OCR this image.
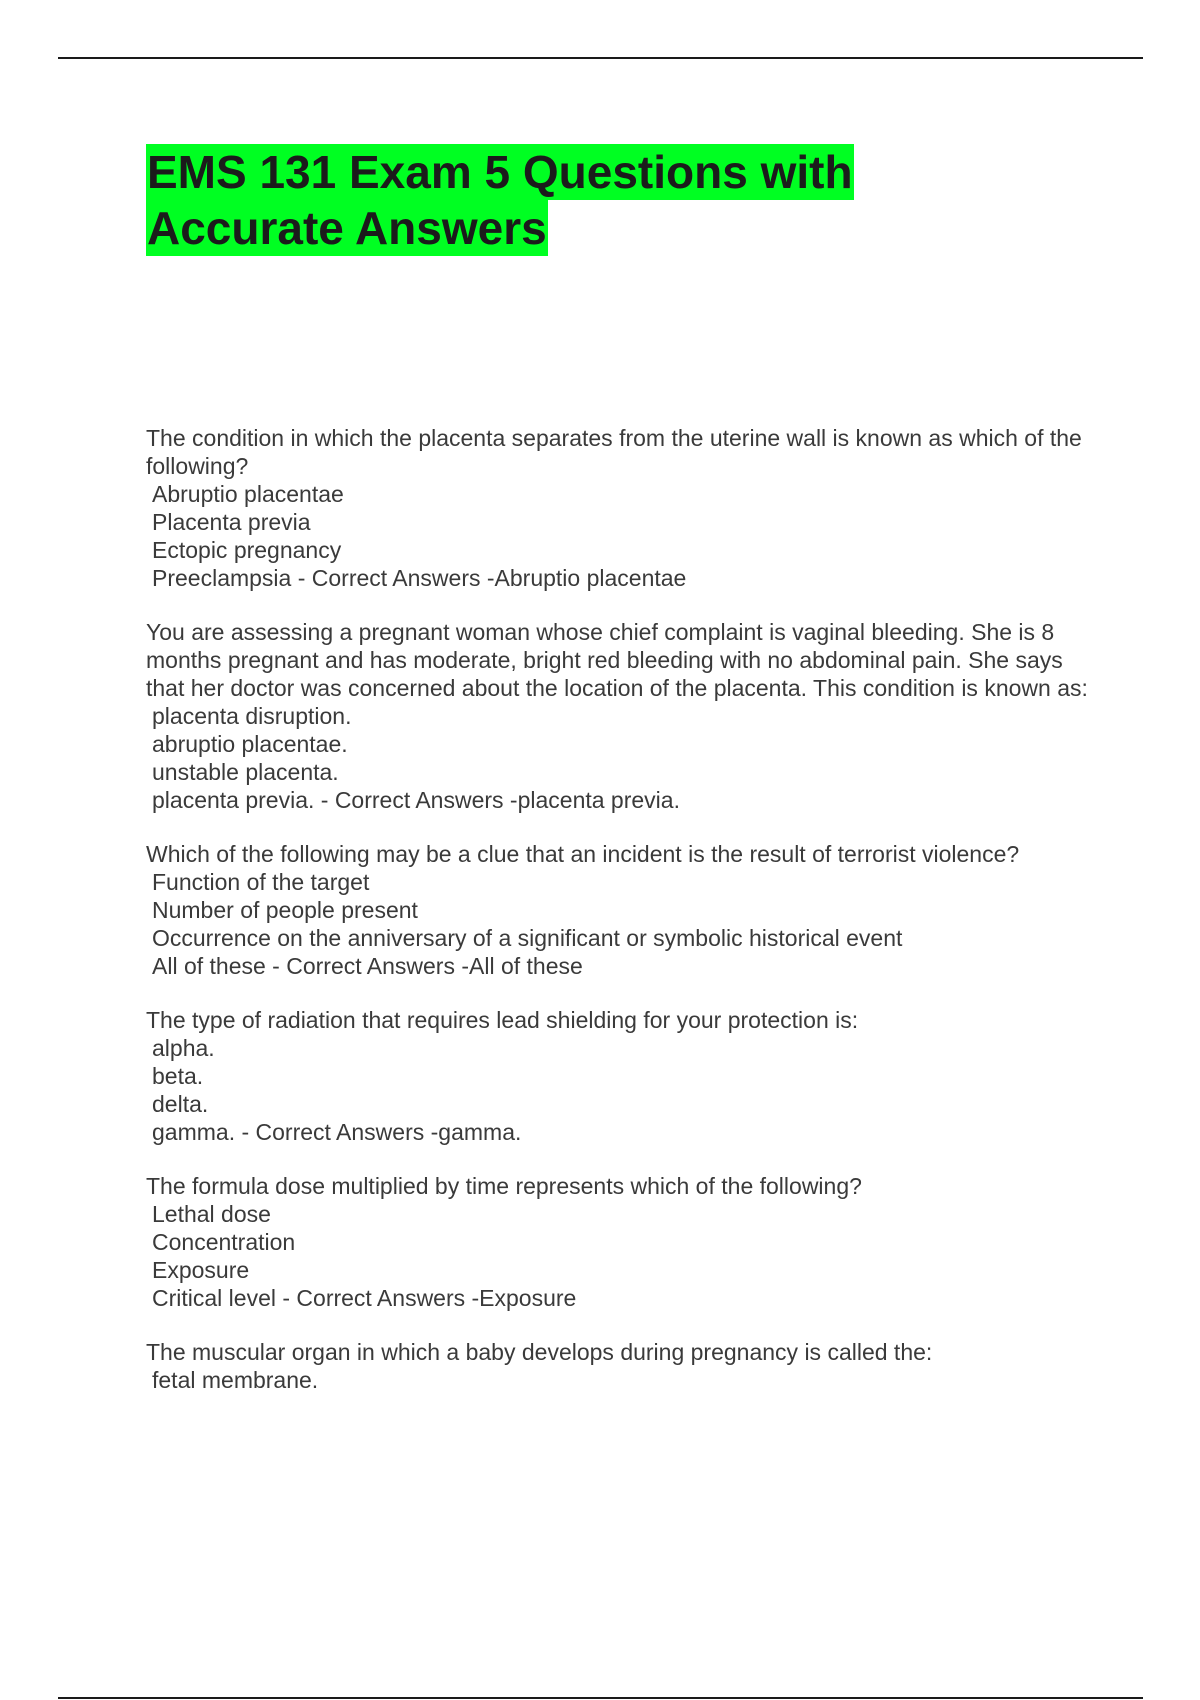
EMS 131 Exam 5 Questions with
Accurate Answers
The condition in which the placenta separates from the uterine wall is known as which of the following?
Abruptio placentae
Placenta previa
Ectopic pregnancy
Preeclampsia - Correct Answers -Abruptio placentae
You are assessing a pregnant woman whose chief complaint is vaginal bleeding. She is 8 months pregnant and has moderate, bright red bleeding with no abdominal pain. She says that her doctor was concerned about the location of the placenta. This condition is known as:
placenta disruption.
abruptio placentae.
unstable placenta.
placenta previa. - Correct Answers -placenta previa.
Which of the following may be a clue that an incident is the result of terrorist violence?
Function of the target
Number of people present
Occurrence on the anniversary of a significant or symbolic historical event
All of these - Correct Answers -All of these
The type of radiation that requires lead shielding for your protection is:
alpha.
beta.
delta.
gamma. - Correct Answers -gamma.
The formula dose multiplied by time represents which of the following?
Lethal dose
Concentration
Exposure
Critical level - Correct Answers -Exposure
The muscular organ in which a baby develops during pregnancy is called the:
fetal membrane.
